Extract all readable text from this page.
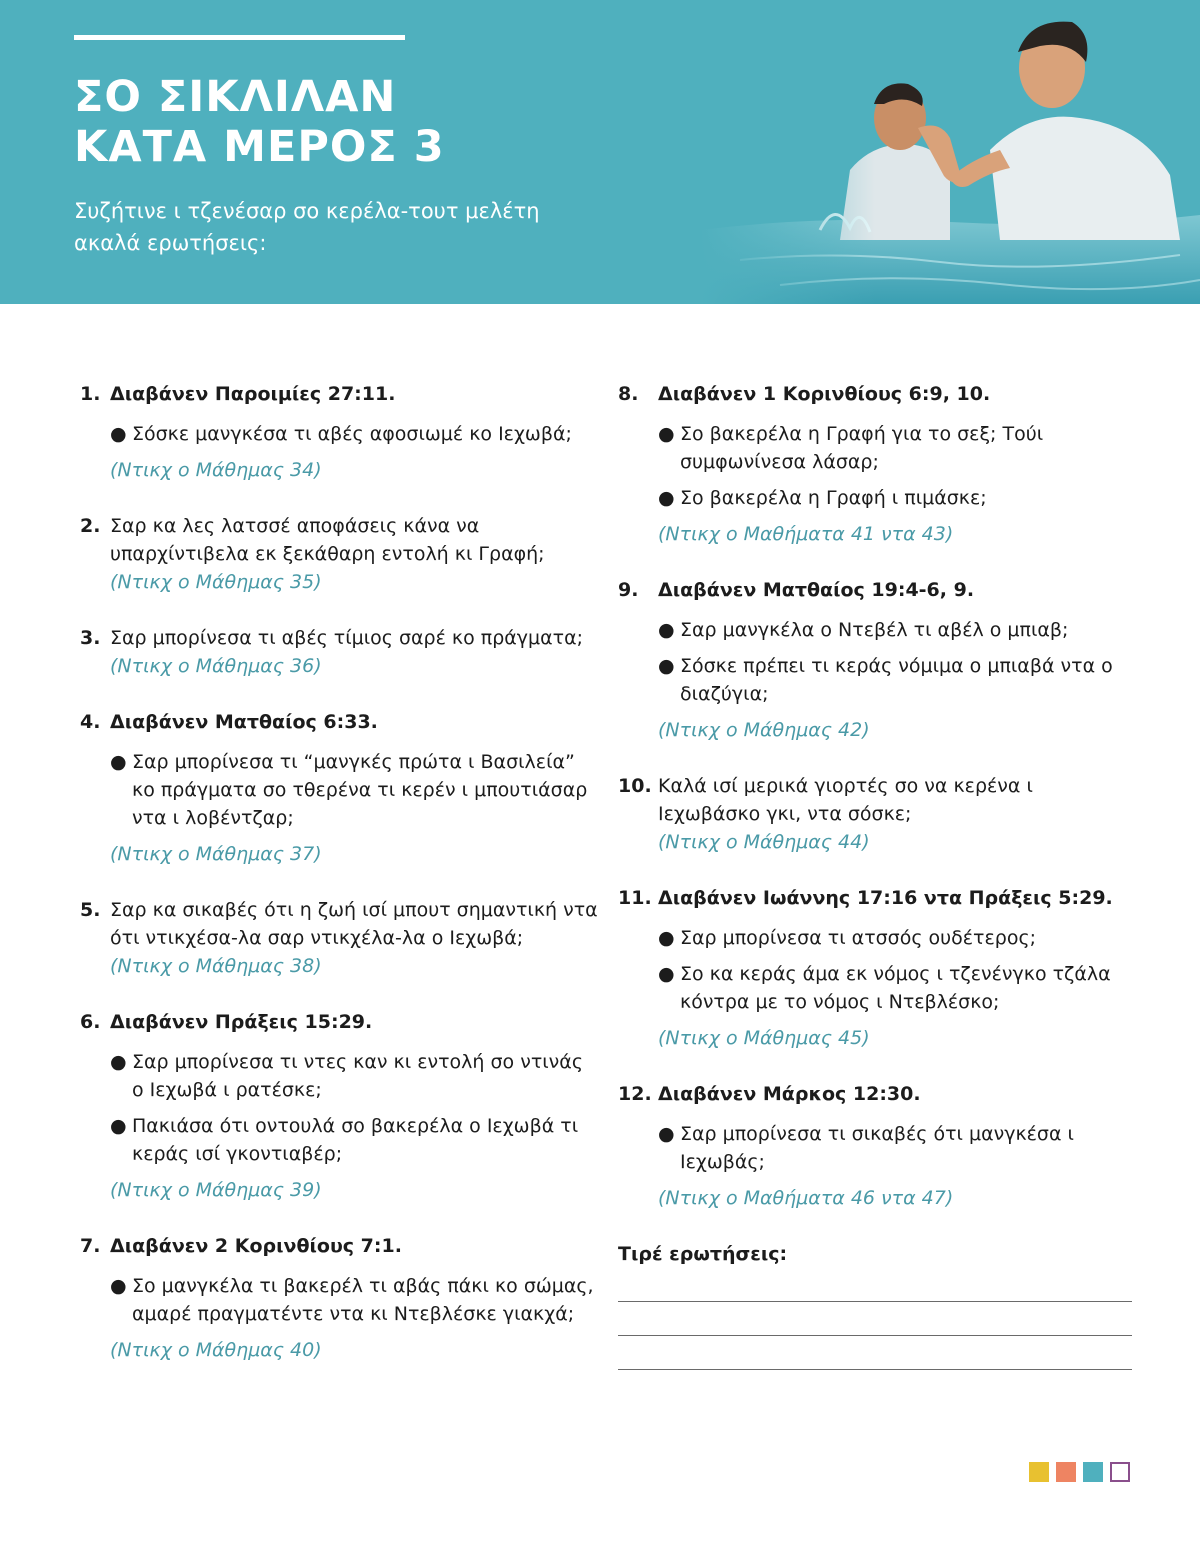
ΣΟ ΣΙΚΛΙΛΑΝ
ΚΑΤΑ ΜΕΡΟΣ 3

Συζήτινε ι τζενέσαρ σο κερέλα-τουτ μελέτη ακαλά ερωτήσεις:

1. Διαβάνεν Παροιμίες 27:11.
● Σόσκε μανγκέσα τι αβές αφοσιωμέ κο Ιεχωβά;
(Ντικχ ο Μάθημας 34)
2. Σαρ κα λες λατσσέ αποφάσεις κάνα να υπαρχίντιβελα εκ ξεκάθαρη εντολή κι Γραφή;
(Ντικχ ο Μάθημας 35)
3. Σαρ μπορίνεσα τι αβές τίμιος σαρέ κο πράγματα;
(Ντικχ ο Μάθημας 36)
4. Διαβάνεν Ματθαίος 6:33.
● Σαρ μπορίνεσα τι “μανγκές πρώτα ι Βασιλεία” κο πράγματα σο τθερένα τι κερέν ι μπουτιάσαρ ντα ι λοβέντζαρ;
(Ντικχ ο Μάθημας 37)
5. Σαρ κα σικαβές ότι η ζωή ισί μπουτ σημαντική ντα ότι ντικχέσα-λα σαρ ντικχέλα-λα ο Ιεχωβά;
(Ντικχ ο Μάθημας 38)
6. Διαβάνεν Πράξεις 15:29.
● Σαρ μπορίνεσα τι ντες καν κι εντολή σο ντινάς ο Ιεχωβά ι ρατέσκε;
● Πακιάσα ότι οντουλά σο βακερέλα ο Ιεχωβά τι κεράς ισί γκοντιαβέρ;
(Ντικχ ο Μάθημας 39)
7. Διαβάνεν 2 Κορινθίους 7:1.
● Σο μανγκέλα τι βακερέλ τι αβάς πάκι κο σώμας, αμαρέ πραγματέντε ντα κι Ντεβλέσκε γιακχά;
(Ντικχ ο Μάθημας 40)
8.	Διαβάνεν 1 Κορινθίους 6:9, 10.
● Σο βακερέλα η Γραφή για το σεξ; Τούι συμφωνίνεσα λάσαρ;
● Σο βακερέλα η Γραφή ι πιμάσκε;
(Ντικχ ο Μαθήματα 41 ντα 43)
9.	Διαβάνεν Ματθαίος 19:4-6, 9.
● Σαρ μανγκέλα ο Ντεβέλ τι αβέλ ο μπιαβ;
● Σόσκε πρέπει τι κεράς νόμιμα ο μπιαβά ντα ο διαζύγια;
(Ντικχ ο Μάθημας 42)
10. Καλά ισί μερικά γιορτές σο να κερένα ι Ιεχωβάσκο γκι, ντα σόσκε;
(Ντικχ ο Μάθημας 44)
11. Διαβάνεν Ιωάννης 17:16 ντα Πράξεις 5:29.
● Σαρ μπορίνεσα τι ατσσός ουδέτερος;
● Σο κα κεράς άμα εκ νόμος ι τζενένγκο τζάλα κόντρα με το νόμος ι Ντεβλέσκο;
(Ντικχ ο Μάθημας 45)
12. Διαβάνεν Μάρκος 12:30.
● Σαρ μπορίνεσα τι σικαβές ότι μανγκέσα ι Ιεχωβάς;
(Ντικχ ο Μαθήματα 46 ντα 47)
Τιρέ ερωτήσεις:
